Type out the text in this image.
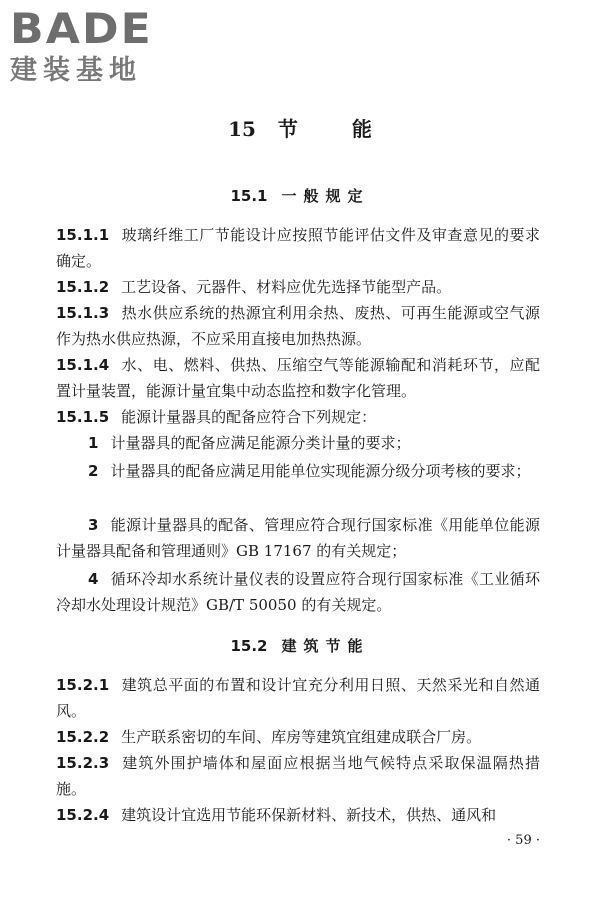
BADE
建装基地
15 节	能
15.1 一般规定
15.1.1 玻璃纤维工厂节能设计应按照节能评估文件及审查意见的要求确定。
15.1.2 工艺设备、元器件、材料应优先选择节能型产品。
15.1.3 热水供应系统的热源宜利用余热、废热、可再生能源或空气源作为热水供应热源，不应采用直接电加热热源。
15.1.4 水、电、燃料、供热、压缩空气等能源输配和消耗环节，应配置计量装置，能源计量宜集中动态监控和数字化管理。
15.1.5 能源计量器具的配备应符合下列规定：
1 计量器具的配备应满足能源分类计量的要求；
2 计量器具的配备应满足用能单位实现能源分级分项考核的要求；
3 能源计量器具的配备、管理应符合现行国家标准《用能单位能源计量器具配备和管理通则》GB 17167 的有关规定；
4 循环冷却水系统计量仪表的设置应符合现行国家标准《工业循环冷却水处理设计规范》GB/T 50050 的有关规定。
15.2 建筑节能
15.2.1 建筑总平面的布置和设计宜充分利用日照、天然采光和自然通风。
15.2.2 生产联系密切的车间、库房等建筑宜组建成联合厂房。
15.2.3 建筑外围护墙体和屋面应根据当地气候特点采取保温隔热措施。
15.2.4 建筑设计宜选用节能环保新材料、新技术，供热、通风和
· 59 ·
